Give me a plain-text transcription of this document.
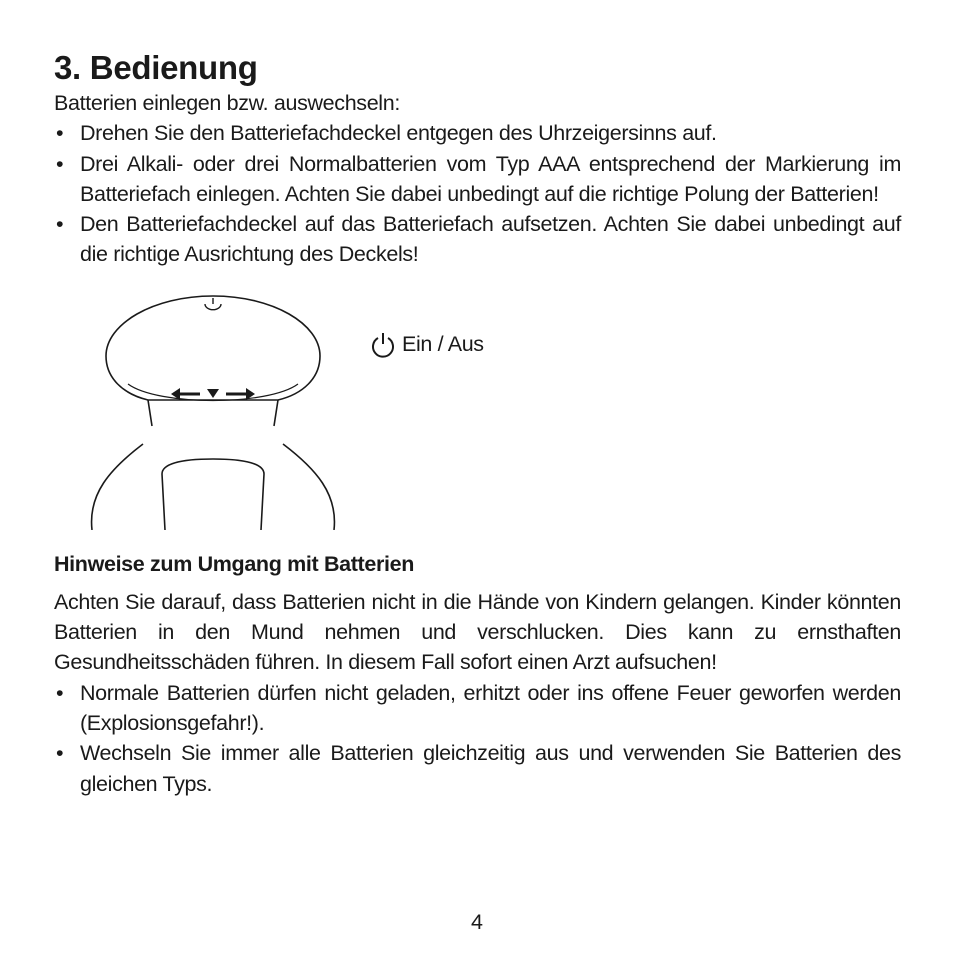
3. Bedienung

Batterien einlegen bzw. auswechseln:

• Drehen Sie den Batteriefachdeckel entgegen des Uhrzeigersinns auf.
• Drei Alkali- oder drei Normalbatterien vom Typ AAA entsprechend der Markierung im Batteriefach einlegen. Achten Sie dabei unbedingt auf die richtige Polung der Batterien!
• Den Batteriefachdeckel auf das Batteriefach aufsetzen. Achten Sie dabei unbedingt auf die richtige Ausrichtung des Deckels!
Ein / Aus
Hinweise zum Umgang mit Batterien

Achten Sie darauf, dass Batterien nicht in die Hände von Kindern gelangen. Kinder könnten Batterien in den Mund nehmen und verschlucken. Dies kann zu ernsthaften Gesundheitsschäden führen. In diesem Fall sofort einen Arzt aufsuchen!

• Normale Batterien dürfen nicht geladen, erhitzt oder ins offene Feuer geworfen werden (Explosionsgefahr!).
• Wechseln Sie immer alle Batterien gleichzeitig aus und verwenden Sie Batterien des gleichen Typs.
4
